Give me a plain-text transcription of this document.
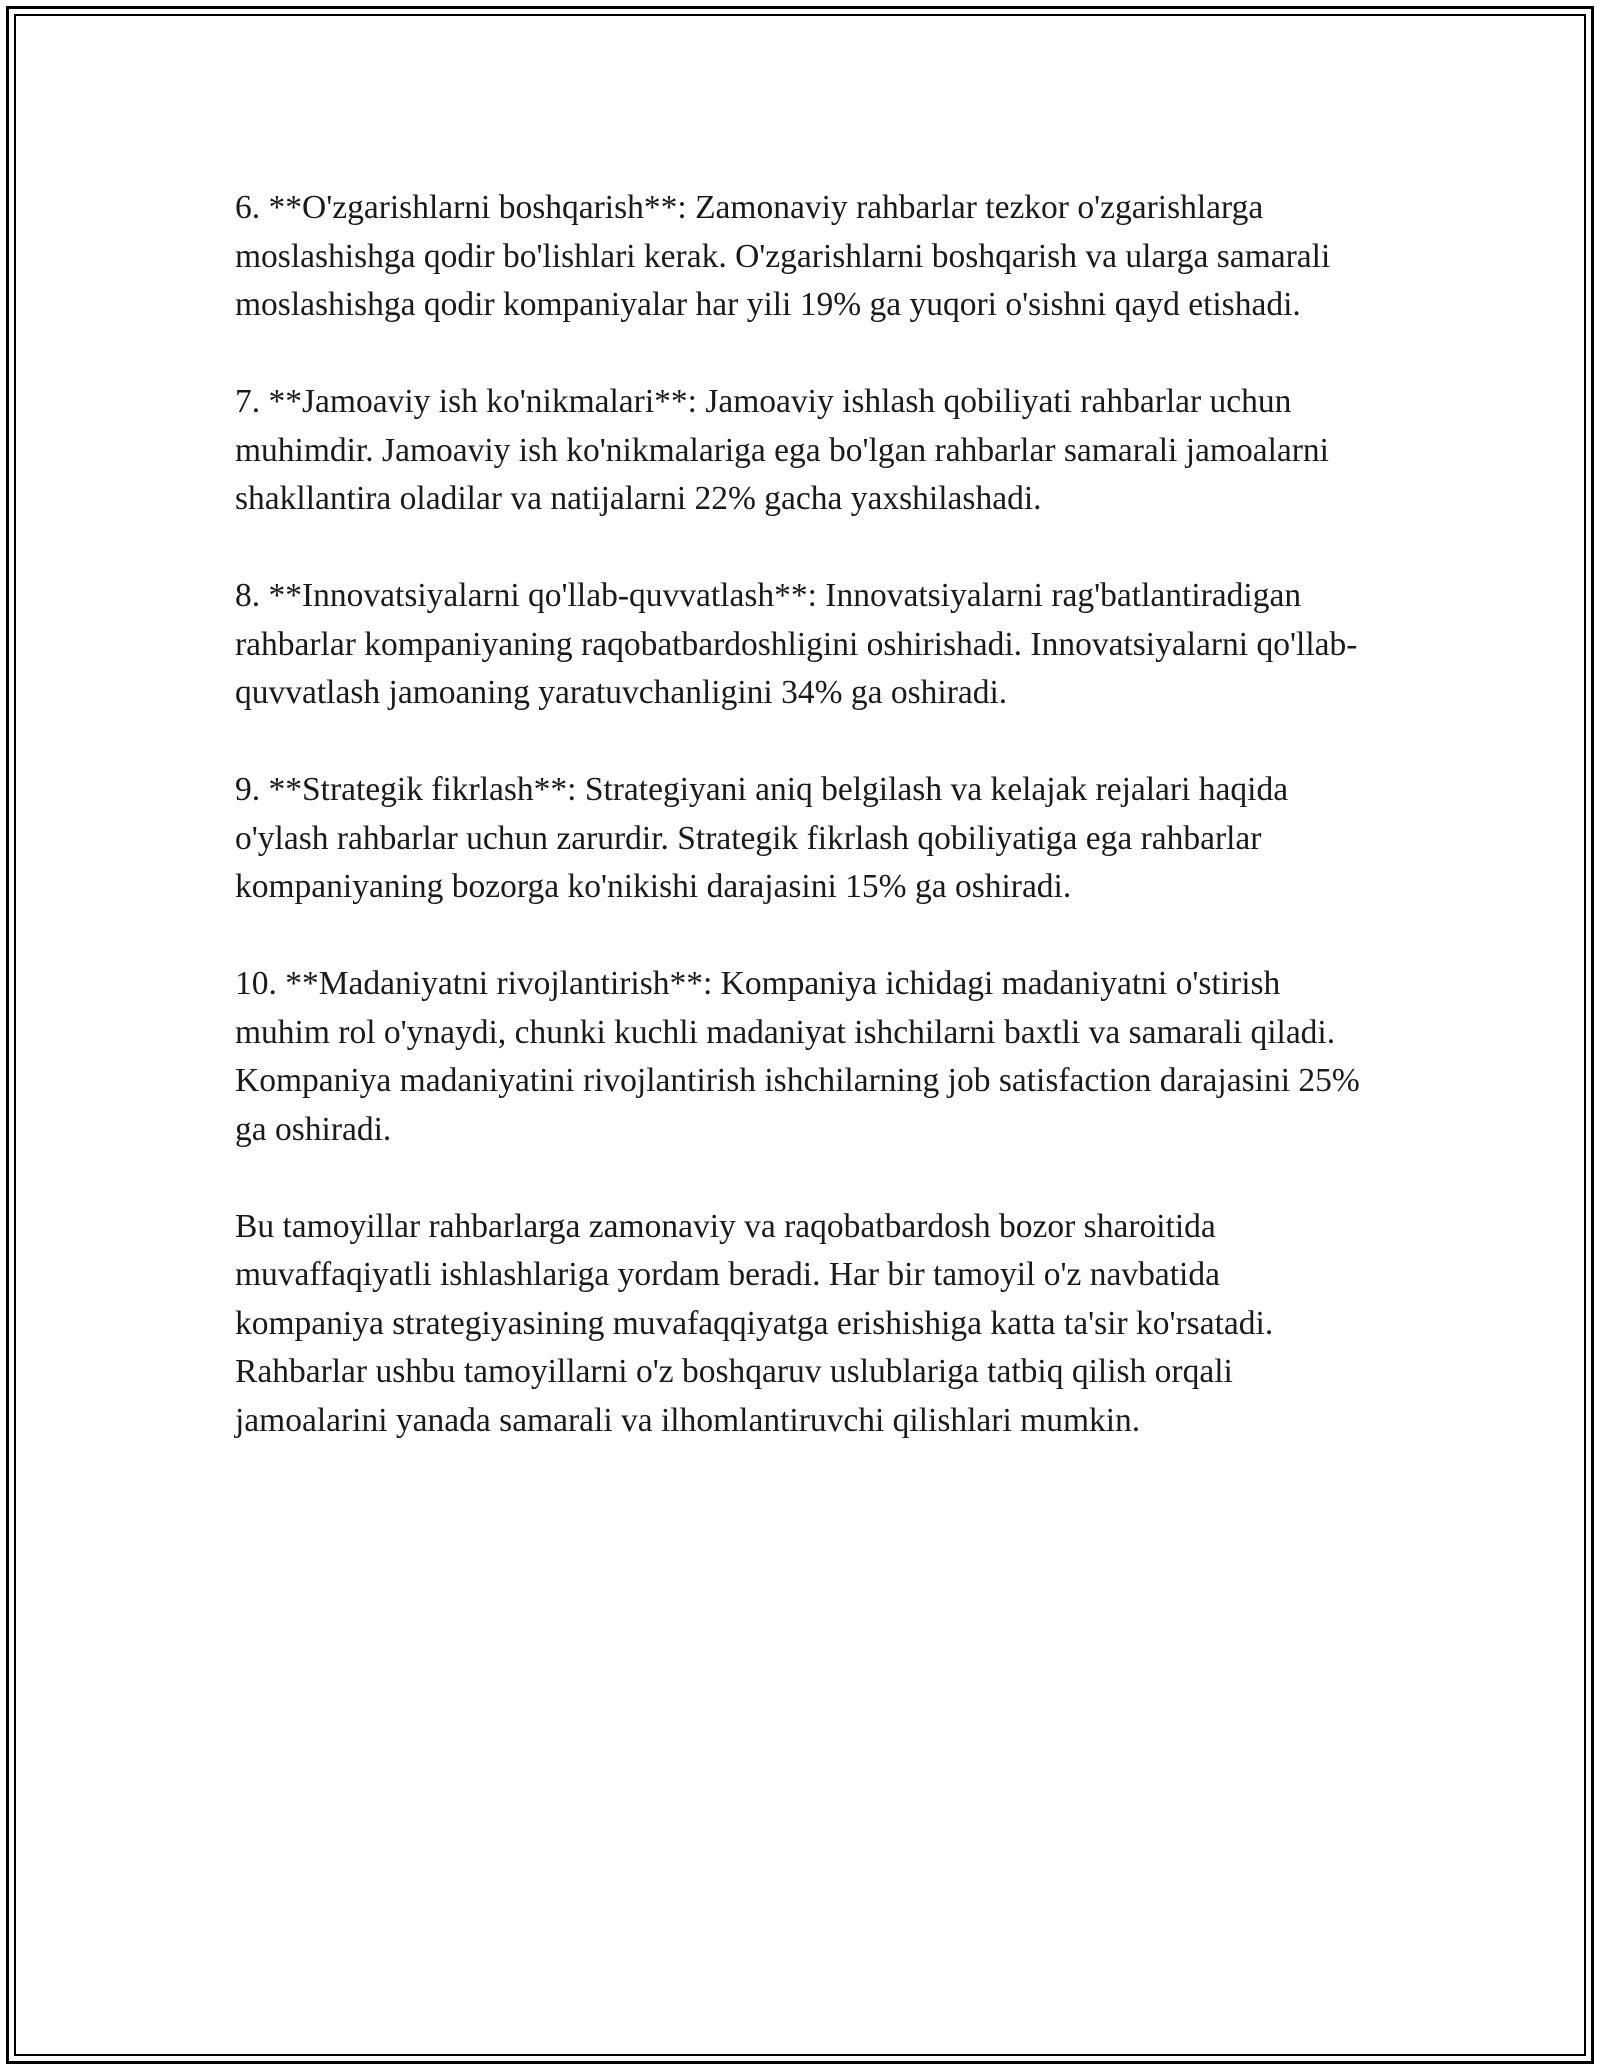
6. **O'zgarishlarni boshqarish**: Zamonaviy rahbarlar tezkor o'zgarishlarga moslashishga qodir bo'lishlari kerak. O'zgarishlarni boshqarish va ularga samarali moslashishga qodir kompaniyalar har yili 19% ga yuqori o'sishni qayd etishadi.

7. **Jamoaviy ish ko'nikmalari**: Jamoaviy ishlash qobiliyati rahbarlar uchun muhimdir. Jamoaviy ish ko'nikmalariga ega bo'lgan rahbarlar samarali jamoalarni shakllantira oladilar va natijalarni 22% gacha yaxshilashadi.

8. **Innovatsiyalarni qo'llab-quvvatlash**: Innovatsiyalarni rag'batlantiradigan rahbarlar kompaniyaning raqobatbardoshligini oshirishadi. Innovatsiyalarni qo'llab-quvvatlash jamoaning yaratuvchanligini 34% ga oshiradi.

9. **Strategik fikrlash**: Strategiyani aniq belgilash va kelajak rejalari haqida o'ylash rahbarlar uchun zarurdir. Strategik fikrlash qobiliyatiga ega rahbarlar kompaniyaning bozorga ko'nikishi darajasini 15% ga oshiradi.

10. **Madaniyatni rivojlantirish**: Kompaniya ichidagi madaniyatni o'stirish muhim rol o'ynaydi, chunki kuchli madaniyat ishchilarni baxtli va samarali qiladi. Kompaniya madaniyatini rivojlantirish ishchilarning job satisfaction darajasini 25% ga oshiradi.

Bu tamoyillar rahbarlarga zamonaviy va raqobatbardosh bozor sharoitida muvaffaqiyatli ishlashlariga yordam beradi. Har bir tamoyil o'z navbatida kompaniya strategiyasining muvafaqqiyatga erishishiga katta ta'sir ko'rsatadi. Rahbarlar ushbu tamoyillarni o'z boshqaruv uslublariga tatbiq qilish orqali jamoalarini yanada samarali va ilhomlantiruvchi qilishlari mumkin.
